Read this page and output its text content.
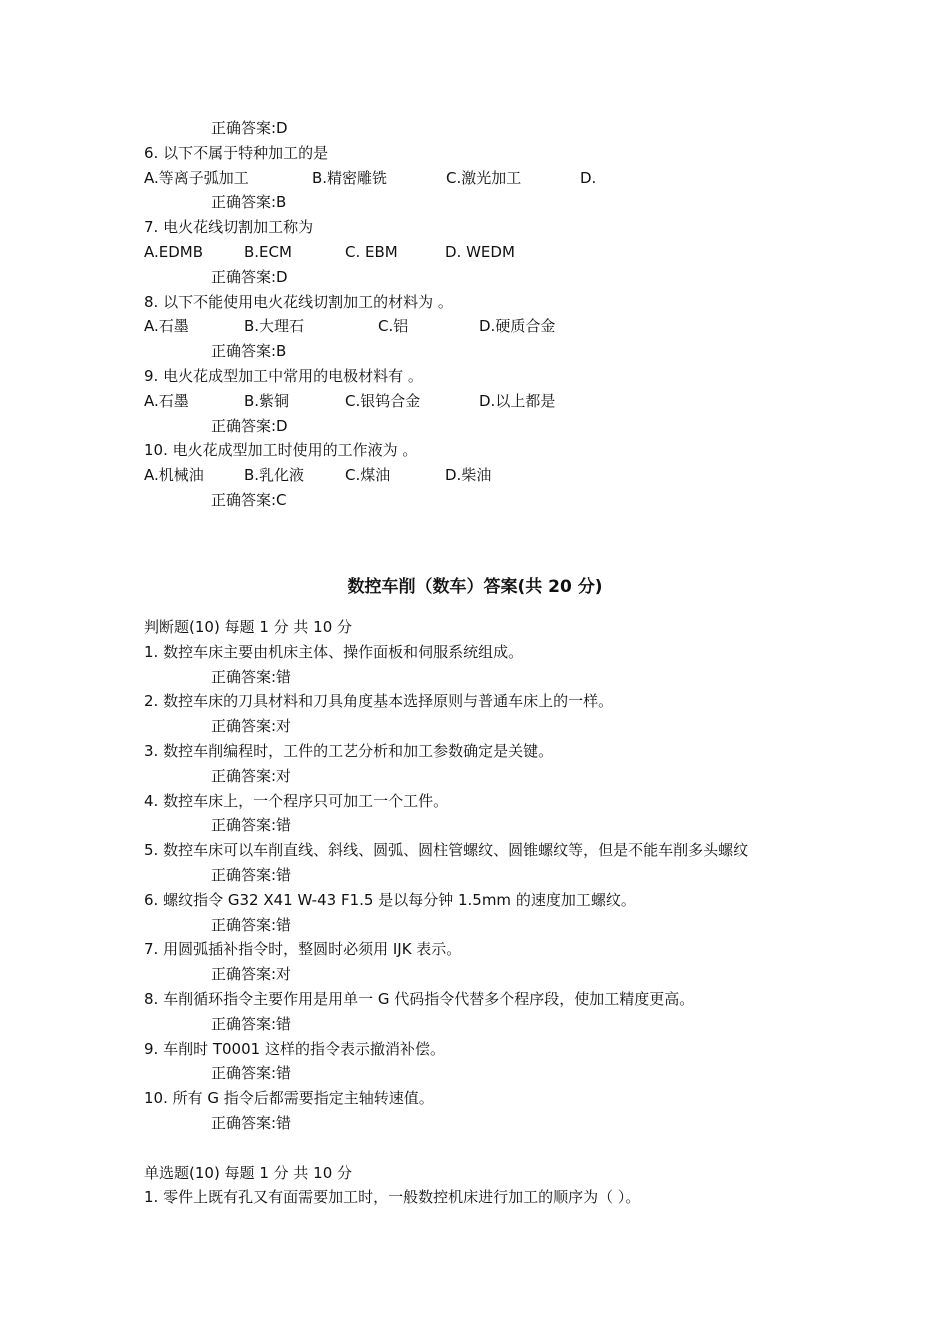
正确答案:D
6. 以下不属于特种加工的是
A.等离子弧加工	B.精密雕铣	C.激光加工	D.
正确答案:B
7. 电火花线切割加工称为
A.EDMB	B.ECM	C. EBM	D. WEDM
正确答案:D
8. 以下不能使用电火花线切割加工的材料为 。
A.石墨	B.大理石	C.铝	D.硬质合金
正确答案:B
9. 电火花成型加工中常用的电极材料有 。
A.石墨	B.紫铜	C.银钨合金	D.以上都是
正确答案:D
10. 电火花成型加工时使用的工作液为 。
A.机械油	B.乳化液	C.煤油	D.柴油
正确答案:C
数控车削（数车）答案(共 20 分)
判断题(10) 每题 1 分 共 10 分
1. 数控车床主要由机床主体、操作面板和伺服系统组成。
正确答案:错
2. 数控车床的刀具材料和刀具角度基本选择原则与普通车床上的一样。
正确答案:对
3. 数控车削编程时，工件的工艺分析和加工参数确定是关键。
正确答案:对
4. 数控车床上，一个程序只可加工一个工件。
正确答案:错
5. 数控车床可以车削直线、斜线、圆弧、圆柱管螺纹、圆锥螺纹等，但是不能车削多头螺纹
正确答案:错
6. 螺纹指令 G32 X41 W-43 F1.5 是以每分钟 1.5mm 的速度加工螺纹。
正确答案:错
7. 用圆弧插补指令时，整圆时必须用 IJK 表示。
正确答案:对
8. 车削循环指令主要作用是用单一 G 代码指令代替多个程序段，使加工精度更高。
正确答案:错
9. 车削时 T0001 这样的指令表示撤消补偿。
正确答案:错
10. 所有 G 指令后都需要指定主轴转速值。
正确答案:错
单选题(10) 每题 1 分 共 10 分
1. 零件上既有孔又有面需要加工时，一般数控机床进行加工的顺序为（ ）。
